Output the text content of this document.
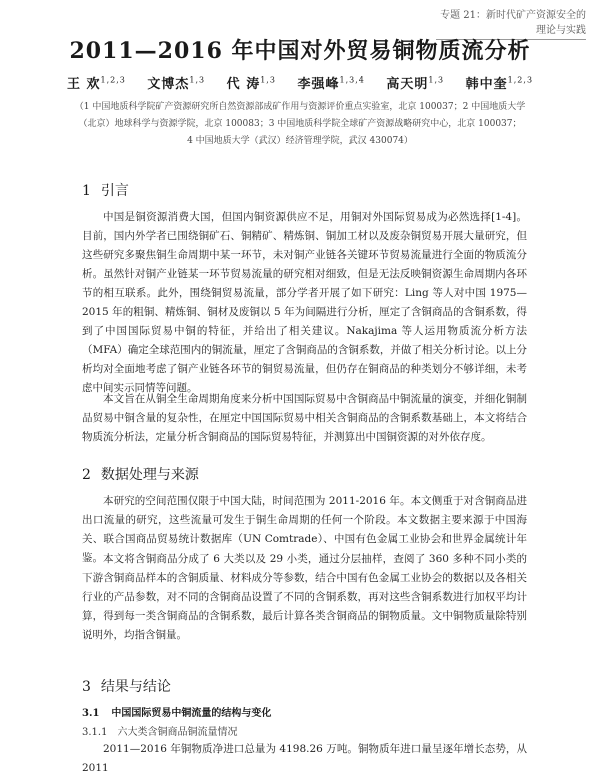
专题 21：新时代矿产资源安全的理论与实践
2011—2016 年中国对外贸易铜物质流分析
王 欢$^{1,2,3}$ 文博杰$^{1,3}$ 代 涛$^{1,3}$ 李强峰$^{1,3,4}$ 高天明$^{1,3}$ 韩中奎$^{1,2,3}$
（1 中国地质科学院矿产资源研究所自然资源部成矿作用与资源评价重点实验室，北京 100037；2 中国地质大学
（北京）地球科学与资源学院，北京 100083；3 中国地质科学院全球矿产资源战略研究中心，北京 100037；
4 中国地质大学（武汉）经济管理学院，武汉 430074）
1 引言
中国是铜资源消费大国，但国内铜资源供应不足，用铜对外国际贸易成为必然选择[1-4]。目前，国内外学者已围绕铜矿石、铜精矿、精炼铜、铜加工材以及废杂铜贸易开展大量研究，但这些研究多聚焦铜生命周期中某一环节，未对铜产业链各关键环节贸易流量进行全面的物质流分析。虽然针对铜产业链某一环节贸易流量的研究相对细致，但是无法反映铜资源生命周期内各环节的相互联系。此外，围绕铜贸易流量，部分学者开展了如下研究：Ling 等人对中国 1975—2015 年的粗铜、精炼铜、铜材及废铜以 5 年为间隔进行分析，厘定了含铜商品的含铜系数，得到了中国国际贸易中铜的特征，并给出了相关建议。Nakajima 等人运用物质流分析方法（MFA）确定全球范围内的铜流量，厘定了含铜商品的含铜系数，并做了相关分析讨论。以上分析均对全面地考虑了铜产业链各环节的铜贸易流量，但仍存在铜商品的种类划分不够详细，未考虑中间实示同情等问题。
本文旨在从铜全生命周期角度来分析中国国际贸易中含铜商品中铜流量的演变，并细化铜制品贸易中铜含量的复杂性，在厘定中国国际贸易中相关含铜商品的含铜系数基础上，本文将结合物质流分析法，定量分析含铜商品的国际贸易特征，并测算出中国铜资源的对外依存度。
2 数据处理与来源
本研究的空间范围仅限于中国大陆，时间范围为 2011-2016 年。本文侧重于对含铜商品进出口流量的研究，这些流量可发生于铜生命周期的任何一个阶段。本文数据主要来源于中国海关、联合国商品贸易统计数据库（UN Comtrade）、中国有色金属工业协会和世界金属统计年鉴。 本文将含铜商品分成了 6 大类以及 29 小类，通过分层抽样，查阅了 360 多种不同小类的下游含铜商品样本的含铜质量、材料成分等参数，结合中国有色金属工业协会的数据以及各相关行业的产品参数，对不同的含铜商品设置了不同的含铜系数，再对这些含铜系数进行加权平均计算，得到每一类含铜商品的含铜系数，最后计算各类含铜商品的铜物质量。文中铜物质量除特别说明外，均指含铜量。
3 结果与结论
3.1 中国国际贸易中铜流量的结构与变化
3.1.1 六大类含铜商品铜流量情况
2011—2016 年铜物质净进口总量为 4198.26 万吨。铜物质年进口量呈逐年增长态势，从 2011
